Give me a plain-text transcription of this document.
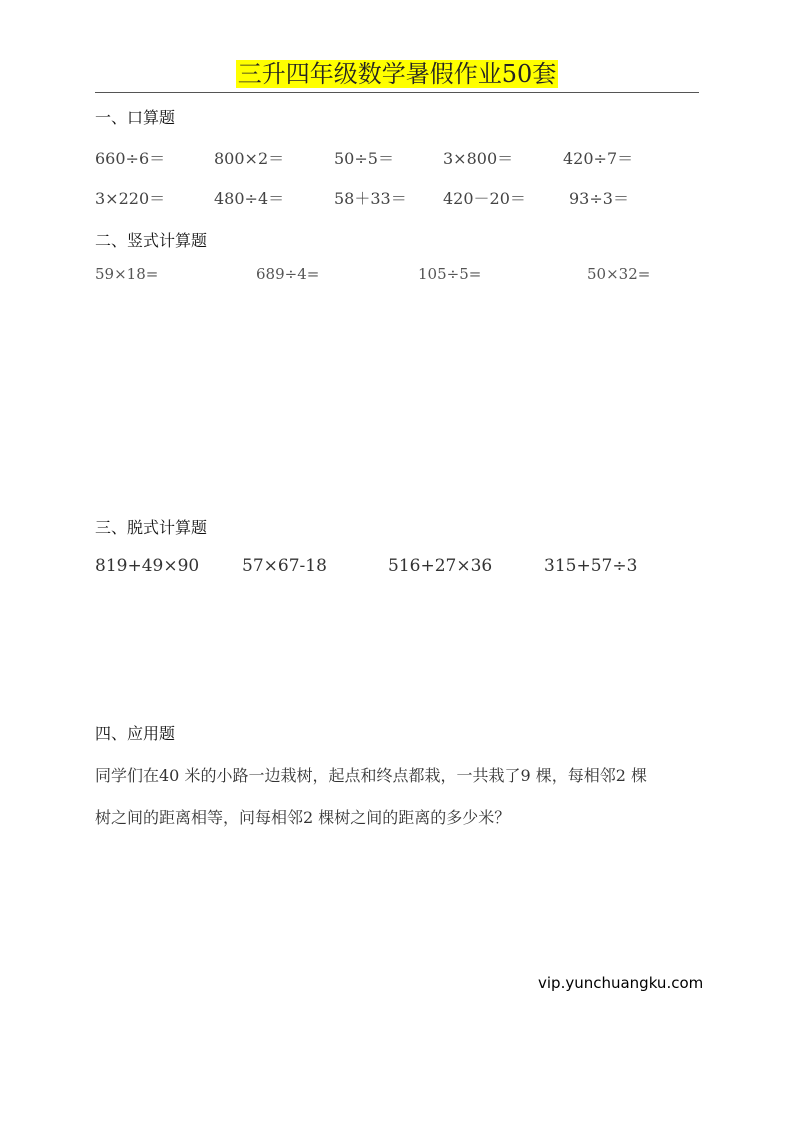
三升四年级数学暑假作业50套
一、口算题
660÷6＝	800×2＝	50÷5＝	3×800＝	420÷7＝
3×220＝	480÷4＝	58＋33＝ 420－20＝	93÷3＝
二、竖式计算题
59×18=	689÷4=	105÷5=	50×32=
三、脱式计算题
819+49×90	57×67-18	516+27×36	315+57÷3
四、应用题
同学们在40 米的小路一边栽树，起点和终点都栽，一共栽了9 棵，每相邻2 棵
树之间的距离相等，问每相邻2 棵树之间的距离的多少米？
vip.yunchuangku.com
